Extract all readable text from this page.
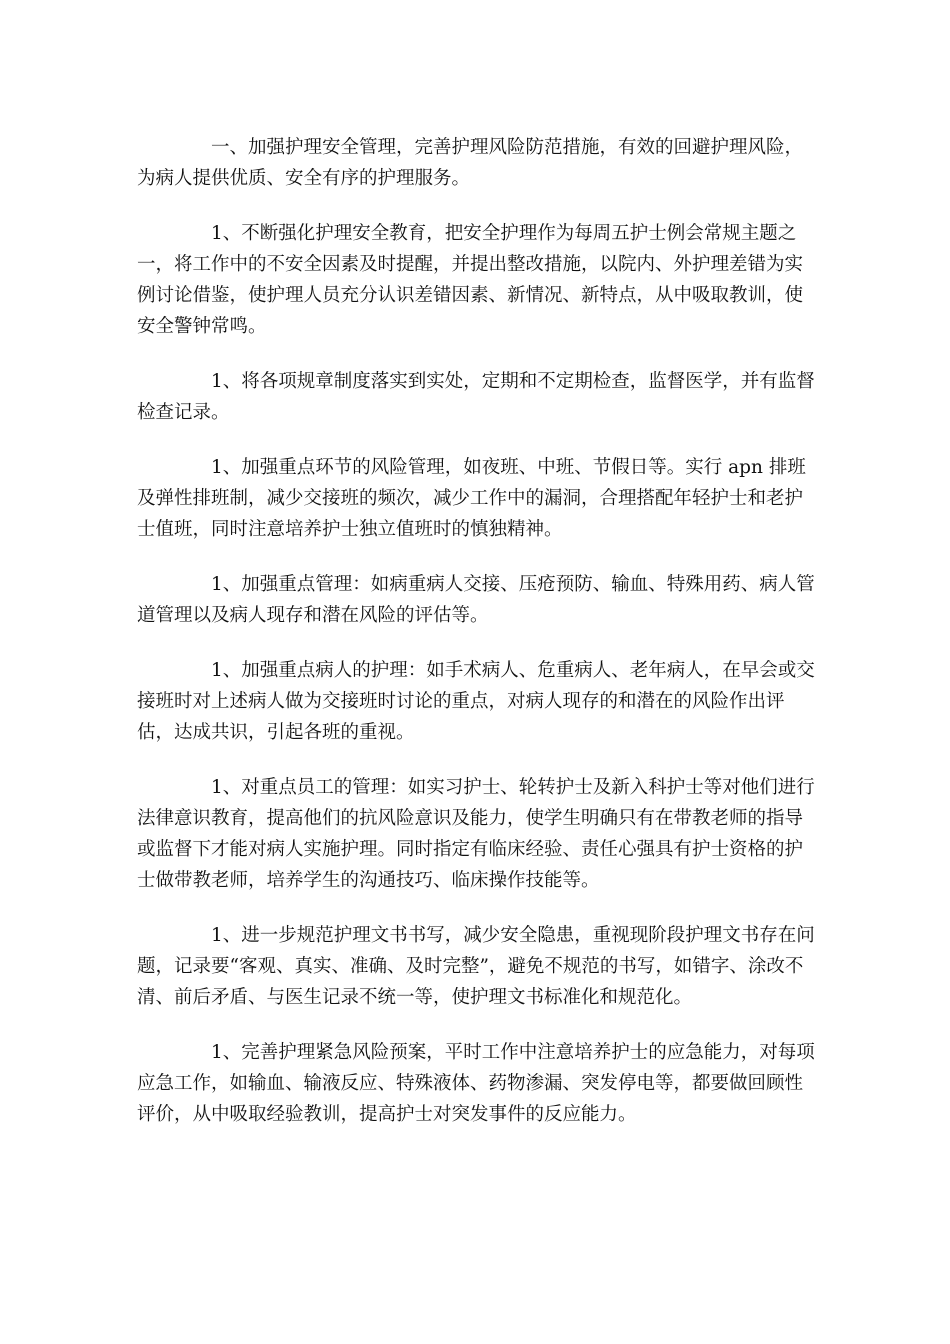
一、加强护理安全管理，完善护理风险防范措施，有效的回避护理风险，为病人提供优质、安全有序的护理服务。

1、不断强化护理安全教育，把安全护理作为每周五护士例会常规主题之一，将工作中的不安全因素及时提醒，并提出整改措施，以院内、外护理差错为实例讨论借鉴，使护理人员充分认识差错因素、新情况、新特点，从中吸取教训，使安全警钟常鸣。

1、将各项规章制度落实到实处，定期和不定期检查，监督医学，并有监督检查记录。

1、加强重点环节的风险管理，如夜班、中班、节假日等。实行 apn 排班及弹性排班制，减少交接班的频次，减少工作中的漏洞，合理搭配年轻护士和老护士值班，同时注意培养护士独立值班时的慎独精神。

1、加强重点管理：如病重病人交接、压疮预防、输血、特殊用药、病人管道管理以及病人现存和潜在风险的评估等。

1、加强重点病人的护理：如手术病人、危重病人、老年病人，在早会或交接班时对上述病人做为交接班时讨论的重点，对病人现存的和潜在的风险作出评估，达成共识，引起各班的重视。

1、对重点员工的管理：如实习护士、轮转护士及新入科护士等对他们进行法律意识教育，提高他们的抗风险意识及能力，使学生明确只有在带教老师的指导或监督下才能对病人实施护理。同时指定有临床经验、责任心强具有护士资格的护士做带教老师，培养学生的沟通技巧、临床操作技能等。

1、进一步规范护理文书书写，减少安全隐患，重视现阶段护理文书存在问题，记录要“客观、真实、准确、及时完整”，避免不规范的书写，如错字、涂改不清、前后矛盾、与医生记录不统一等，使护理文书标准化和规范化。

1、完善护理紧急风险预案，平时工作中注意培养护士的应急能力，对每项应急工作，如输血、输液反应、特殊液体、药物渗漏、突发停电等，都要做回顾性评价，从中吸取经验教训，提高护士对突发事件的反应能力。
